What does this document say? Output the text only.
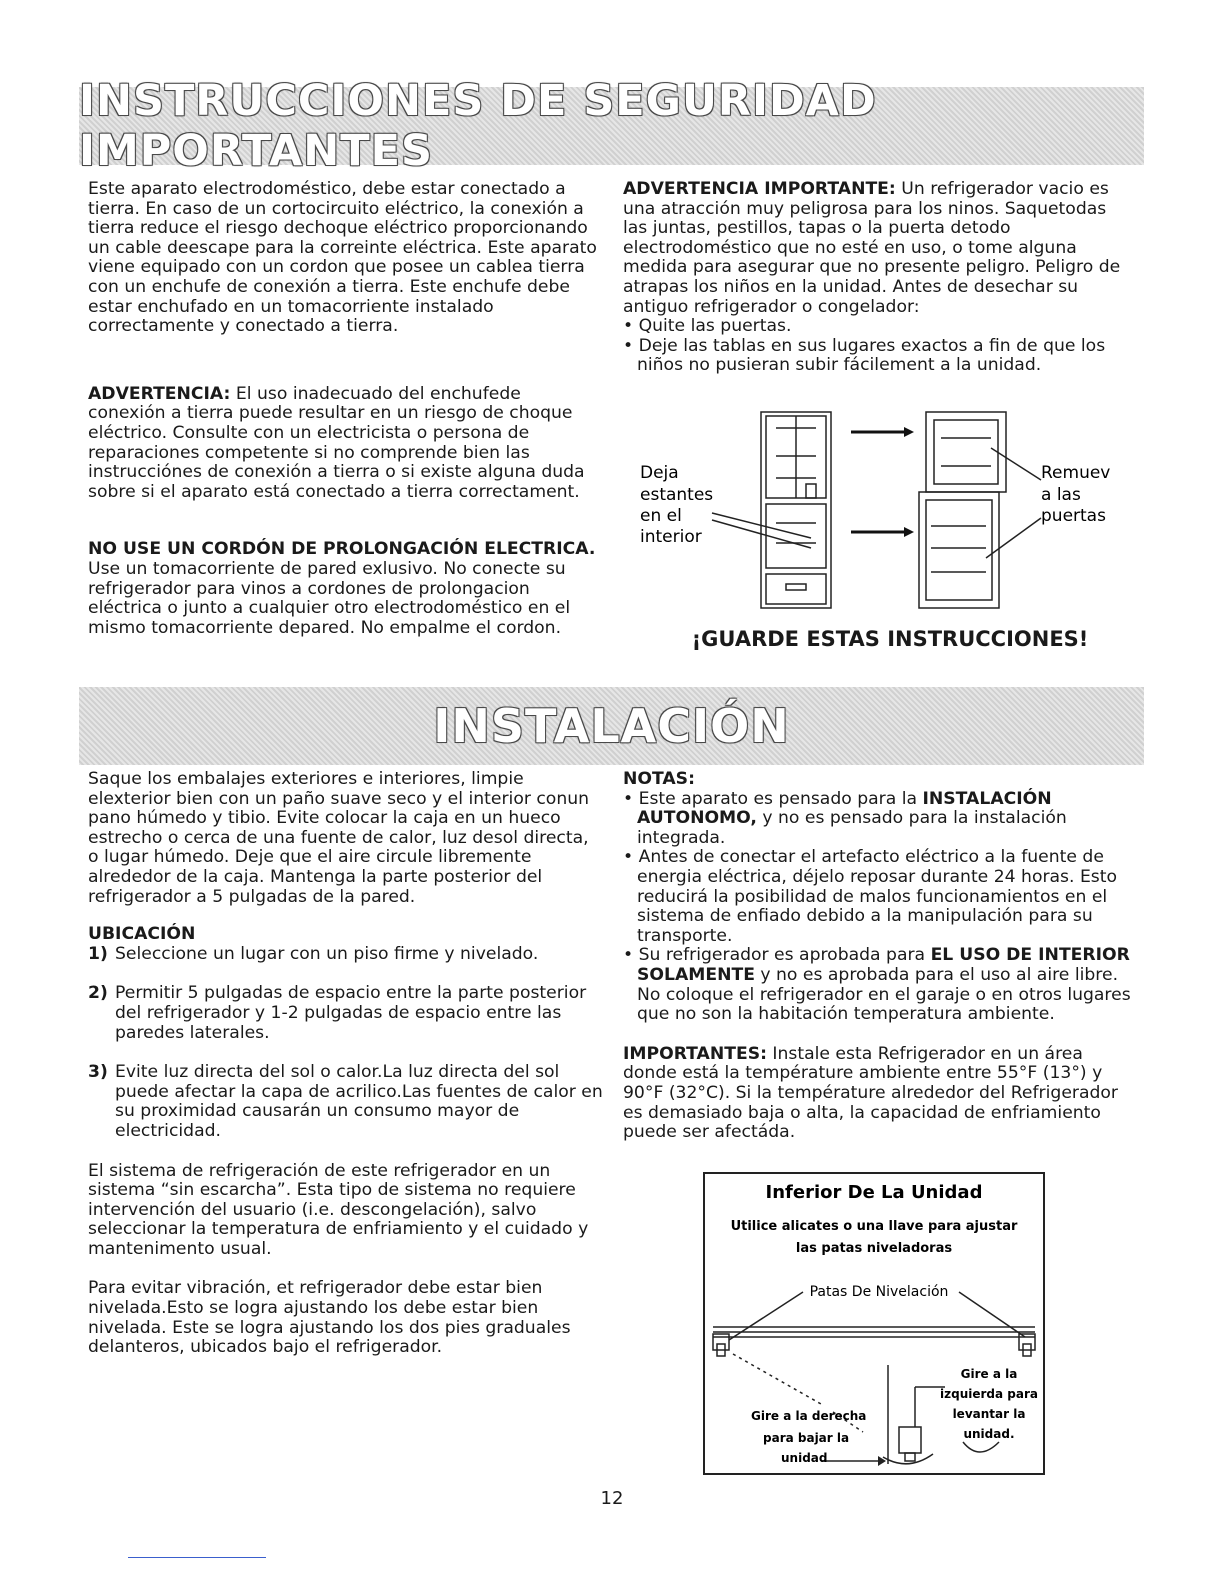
INSTRUCCIONES DE SEGURIDAD IMPORTANTES

Este aparato electrodoméstico, debe estar conectado a tierra. En caso de un cortocircuito eléctrico, la conexión a tierra reduce el riesgo dechoque eléctrico proporcionando un cable deescape para la correinte eléctrica. Este aparato viene equipado con un cordon que posee un cablea tierra con un enchufe de conexión a tierra. Este enchufe debe estar enchufado en un tomacorriente instalado correctamente y conectado a tierra.

ADVERTENCIA: El uso inadecuado del enchufede conexión a tierra puede resultar en un riesgo de choque eléctrico. Consulte con un electricista o persona de reparaciones competente si no comprende bien las instrucciónes de conexión a tierra o si existe alguna duda sobre si el aparato está conectado a tierra correctament.

NO USE UN CORDÓN DE PROLONGACIÓN ELECTRICA. Use un tomacorriente de pared exlusivo. No conecte su refrigerador para vinos a cordones de prolongacion eléctrica o junto a cualquier otro electrodoméstico en el mismo tomacorriente depared. No empalme el cordon.

ADVERTENCIA IMPORTANTE: Un refrigerador vacio es una atracción muy peligrosa para los ninos. Saquetodas las juntas, pestillos, tapas o la puerta detodo electrodoméstico que no esté en uso, o tome alguna medida para asegurar que no presente peligro. Peligro de atrapas los niños en la unidad. Antes de desechar su antiguo refrigerador o congelador:

• Quite las puertas.
• Deje las tablas en sus lugares exactos a fin de que los niños no pusieran subir fácilement a la unidad.
Deja
estantes
en el
interior
Remuev
a las
puertas
¡GUARDE ESTAS INSTRUCCIONES!
INSTALACIÓN

Saque los embalajes exteriores e interiores, limpie elexterior bien con un paño suave seco y el interior conun pano húmedo y tibio. Evite colocar la caja en un hueco estrecho o cerca de una fuente de calor, luz desol directa, o lugar húmedo. Deje que el aire circule libremente alrededor de la caja. Mantenga la parte posterior del refrigerador a 5 pulgadas de la pared.

UBICACIÓN

1) Seleccione un lugar con un piso firme y nivelado.
2) Permitir 5 pulgadas de espacio entre la parte posterior del refrigerador y 1-2 pulgadas de espacio entre las paredes laterales.
3) Evite luz directa del sol o calor.La luz directa del sol puede afectar la capa de acrilico.Las fuentes de calor en su proximidad causarán un consumo mayor de electricidad.

El sistema de refrigeración de este refrigerador en un sistema “sin escarcha”. Esta tipo de sistema no requiere intervención del usuario (i.e. descongelación), salvo seleccionar la temperatura de enfriamiento y el cuidado y mantenimento usual.

Para evitar vibración, et refrigerador debe estar bien nivelada.Esto se logra ajustando los debe estar bien nivelada. Este se logra ajustando los dos pies graduales delanteros, ubicados bajo el refrigerador.

NOTAS:

• Este aparato es pensado para la INSTALACIÓN AUTONOMO, y no es pensado para la instalación integrada.
• Antes de conectar el artefacto eléctrico a la fuente de energia eléctrica, déjelo reposar durante 24 horas. Esto reducirá la posibilidad de malos funcionamientos en el sistema de enfiado debido a la manipulación para su transporte.
• Su refrigerador es aprobada para EL USO DE INTERIOR SOLAMENTE y no es aprobada para el uso al aire libre. No coloque el refrigerador en el garaje o en otros lugares que no son la habitación temperatura ambiente.

IMPORTANTES: Instale esta Refrigerador en un área donde está la température ambiente entre 55°F (13°) y 90°F (32°C). Si la température alrededor del Refrigerador es demasiado baja o alta, la capacidad de enfriamiento puede ser afectáda.

Inferior De La Unidad
Utilice alicates o una llave para ajustar
las patas niveladoras
Patas De Nivelación
Gire a la derecha
para bajar la
unidad
Gire a la
izquierda para
levantar la
unidad.
12
